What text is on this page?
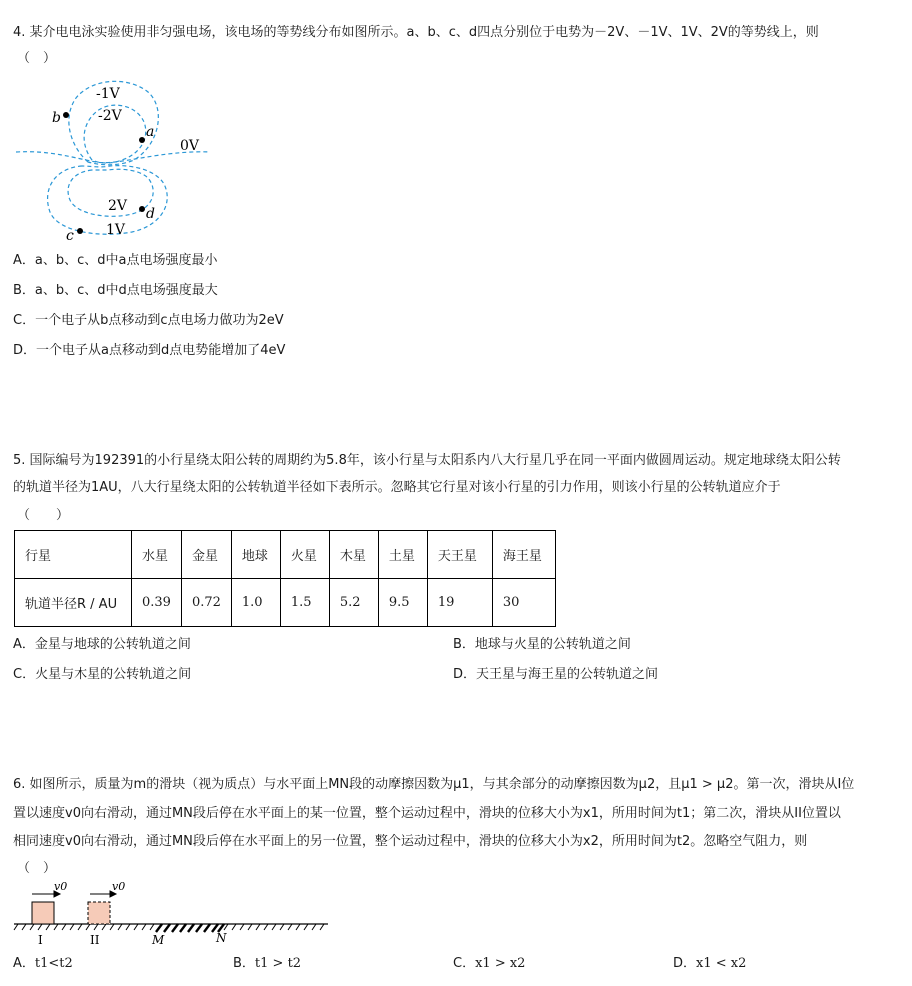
4. 某介电电泳实验使用非匀强电场，该电场的等势线分布如图所示。a、b、c、d四点分别位于电势为－2V、－1V、1V、2V的等势线上，则
（　）
-1V
-2V
0V
2V
1V
b
a
d
c
A．a、b、c、d中a点电场强度最小
B．a、b、c、d中d点电场强度最大
C．一个电子从b点移动到c点电场力做功为2eV
D．一个电子从a点移动到d点电势能增加了4eV
5. 国际编号为192391的小行星绕太阳公转的周期约为5.8年，该小行星与太阳系内八大行星几乎在同一平面内做圆周运动。规定地球绕太阳公转
的轨道半径为1AU，八大行星绕太阳的公转轨道半径如下表所示。忽略其它行星对该小行星的引力作用，则该小行星的公转轨道应介于
（　　）
行星	水星	金星	地球	火星	木星	土星	天王星	海王星
轨道半径R / AU	0.39	0.72	1.0	1.5	5.2	9.5	19	30
A．金星与地球的公转轨道之间	B．地球与火星的公转轨道之间
C．火星与木星的公转轨道之间	D．天王星与海王星的公转轨道之间
6. 如图所示，质量为m的滑块（视为质点）与水平面上MN段的动摩擦因数为μ1，与其余部分的动摩擦因数为μ2，且μ1 > μ2。第一次，滑块从I位
置以速度v0向右滑动，通过MN段后停在水平面上的某一位置，整个运动过程中，滑块的位移大小为x1，所用时间为t1；第二次，滑块从II位置以
相同速度v0向右滑动，通过MN段后停在水平面上的另一位置，整个运动过程中，滑块的位移大小为x2，所用时间为t2。忽略空气阻力，则
（　）
v0	v0
I	II	M	N
A．t1<t2	B．t1 > t2	C．x1 > x2	D．x1 < x2
